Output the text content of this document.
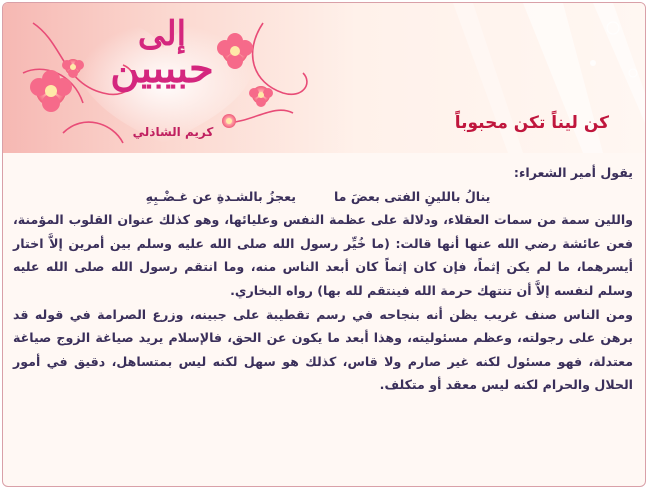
إلى
حبيبين
كريم الشاذلي	كن ليناً تكن محبوباً

يقول أمير الشعراء:

ينالُ باللينِ الفتى بعضَ ما
يعجزُ بالشـدةِ عن غـضْـبِهِ

واللين سمة من سمات العقلاء، ودلالة على عظمة النفس وعليائها، وهو كذلك عنوان القلوب المؤمنة، فعن عائشة رضي الله عنها أنها قالت: (ما خُيِّر رسول الله صلى الله عليه وسلم بين أمرين إلاَّ اختار أيسرهما، ما لم يكن إثماً، فإن كان إثماً كان أبعد الناس منه، وما انتقم رسول الله صلى الله عليه وسلم لنفسه إلاَّ أن تنتهك حرمة الله فينتقم لله بها) رواه البخاري.

ومن الناس صنف غريب يظن أنه بنجاحه في رسم تقطيبة على جبينه، وزرع الصرامة في قوله قد برهن على رجولته، وعظم مسئوليته، وهذا أبعد ما يكون عن الحق، فالإسلام يريد صياغة الزوج صياغة معتدلة، فهو مسئول لكنه غير صارم ولا قاس، كذلك هو سهل لكنه ليس بمتساهل، دقيق في أمور الحلال والحرام لكنه ليس معقد أو متكلف.
